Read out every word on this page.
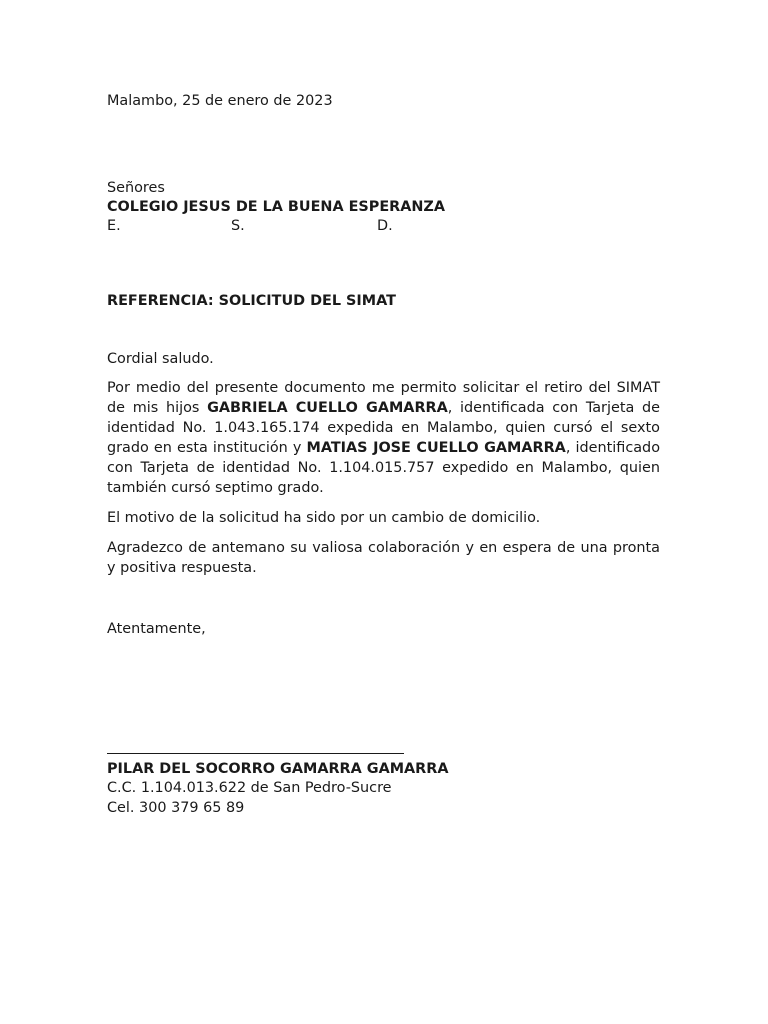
Malambo, 25 de enero de 2023
Señores
COLEGIO JESUS DE LA BUENA ESPERANZA
E.	S.	D.
REFERENCIA: SOLICITUD DEL SIMAT
Cordial saludo.
Por medio del presente documento me permito solicitar el retiro del SIMAT de mis hijos GABRIELA CUELLO GAMARRA, identificada con Tarjeta de identidad No. 1.043.165.174 expedida en Malambo, quien cursó el sexto grado en esta institución y MATIAS JOSE CUELLO GAMARRA, identificado con Tarjeta de identidad No. 1.104.015.757 expedido en Malambo, quien también cursó septimo grado.
El motivo de la solicitud ha sido por un cambio de domicilio.
Agradezco de antemano su valiosa colaboración y en espera de una pronta y positiva respuesta.
Atentamente,
PILAR DEL SOCORRO GAMARRA GAMARRA
C.C. 1.104.013.622 de San Pedro-Sucre
Cel. 300 379 65 89
